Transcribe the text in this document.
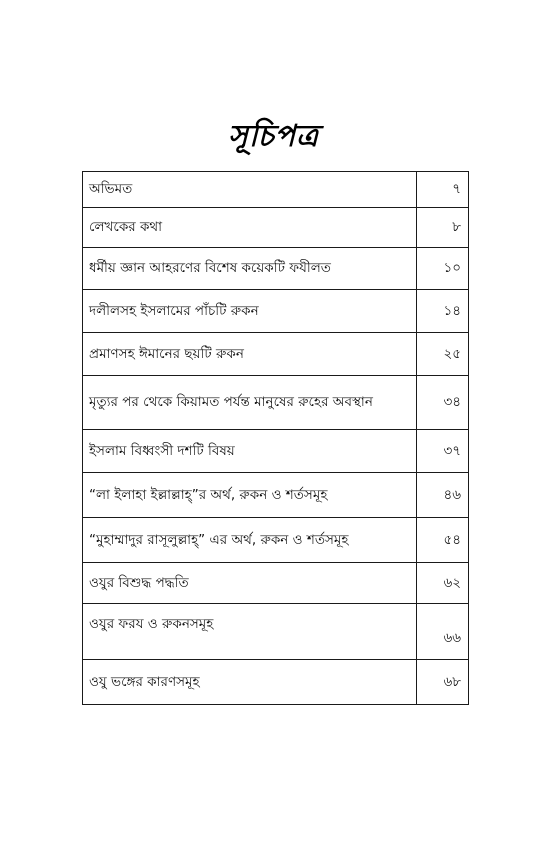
সূচিপত্র
অভিমত	৭
লেখকের কথা	৮
ধর্মীয় জ্ঞান আহরণের বিশেষ কয়েকটি ফযীলত	১০
দলীলসহ ইসলামের পাঁচটি রুকন	১৪
প্রমাণসহ ঈমানের ছয়টি রুকন	২৫
মৃত্যুর পর থেকে কিয়ামত পর্যন্ত মানুষের রুহের অবস্থান	৩৪
ইসলাম বিধ্বংসী দশটি বিষয়	৩৭
“লা ইলাহা ইল্লাল্লাহ্”র অর্থ, রুকন ও শর্তসমূহ	৪৬
“মুহাম্মাদুর রাসূলুল্লাহ্” এর অর্থ, রুকন ও শর্তসমূহ	৫৪
ওযুর বিশুদ্ধ পদ্ধতি	৬২
ওযুর ফরয ও রুকনসমূহ	৬৬
ওযু ভঙ্গের কারণসমূহ	৬৮
